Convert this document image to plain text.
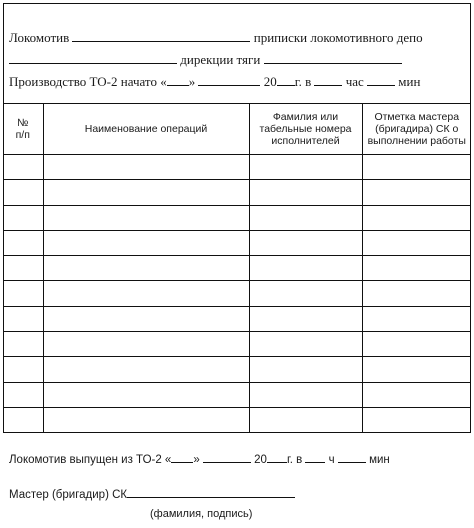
Локомотив	приписки локомотивного депо
дирекции тяги
Производство ТО-2 начато « »	20 г. в	час	мин
№
п/п	Наименование операций	Фамилия или табельные номера исполнителей	Отметка мастера (бригадира) СК о выполнении работы

Локомотив выпущен из ТО-2 « »	20 г. в ч	мин
Мастер (бригадир) СК
(фамилия, подпись)
